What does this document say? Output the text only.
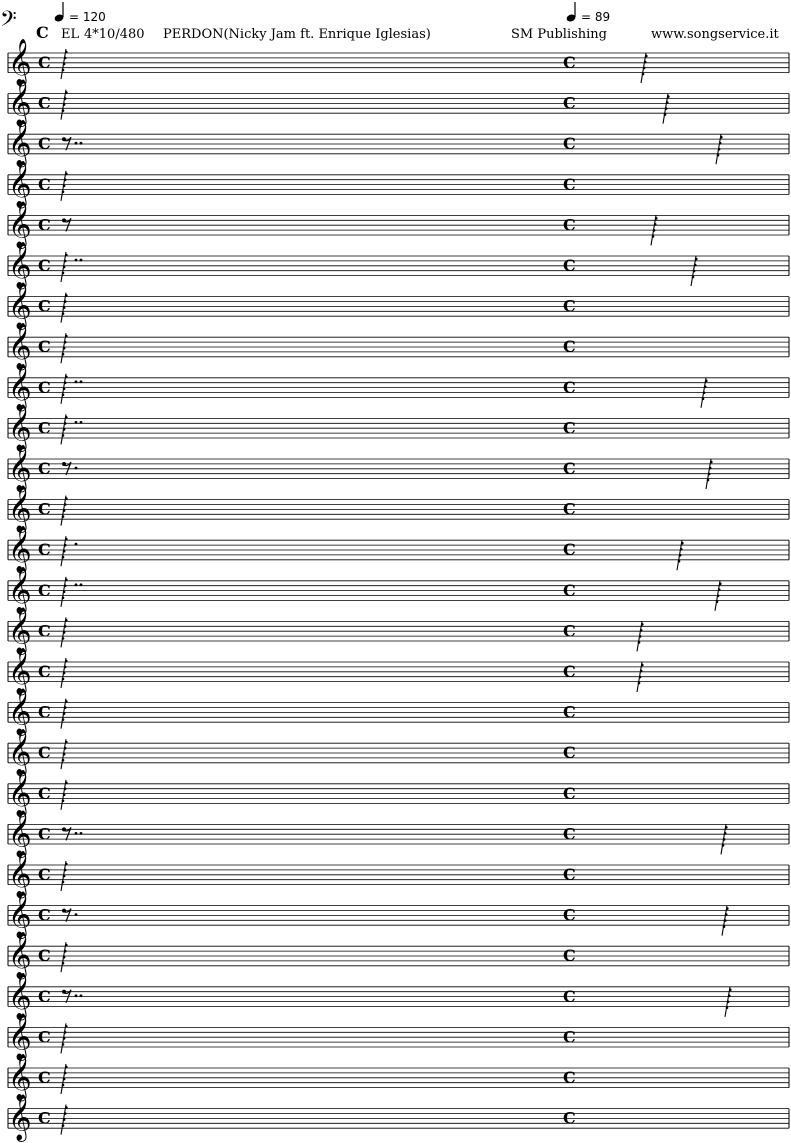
𝄢 C
= 120	= 89
EL 4*10/480 PERDON(Nicky Jam ft. Enrique Iglesias)	SM Publishing	www.songservice.it
𝄞 C	C
𝄞 C	C
𝄞 C	C
𝄞 C	C
𝄞 C	C
𝄞 C	C
𝄞 C	C
𝄞 C	C
𝄞 C	C
𝄞 C	C
𝄞 C	C
𝄞 C	C
𝄞 C	C
𝄞 C	C
𝄞 C	C
𝄞 C	C
𝄞 C	C
𝄞 C	C
𝄞 C	C
𝄞 C	C
𝄞 C	C
𝄞 C	C
𝄞 C	C
𝄞 C	C
𝄞 C	C
𝄞 C	C
𝄞 C	C
